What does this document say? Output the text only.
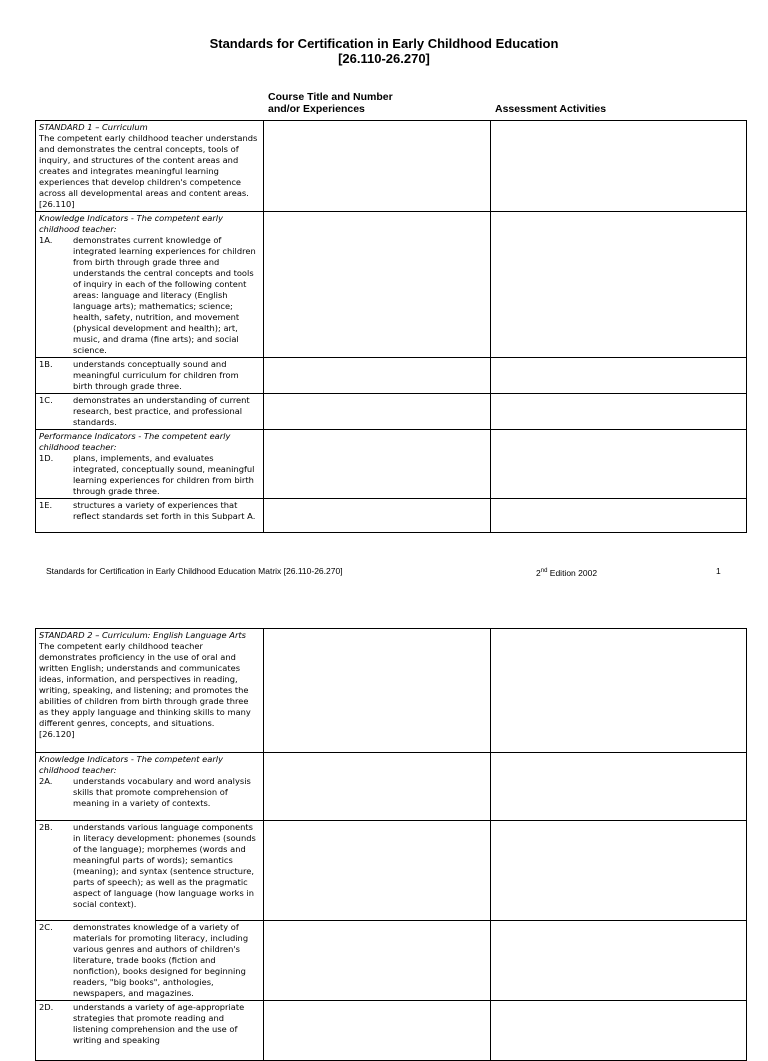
Standards for Certification in Early Childhood Education
[26.110-26.270]
Course Title and Number
and/or Experiences	Assessment Activities
STANDARD 1 – Curriculum
The competent early childhood teacher understands and demonstrates the central concepts, tools of inquiry, and structures of the content areas and creates and integrates meaningful learning experiences that develop children's competence across all developmental areas and content areas. [26.110]		

Knowledge Indicators - The competent early childhood teacher:
1A. demonstrates current knowledge of integrated learning experiences for children from birth through grade three and understands the central concepts and tools of inquiry in each of the following content areas: language and literacy (English language arts); mathematics; science; health, safety, nutrition, and movement (physical development and health); art, music, and drama (fine arts); and social science.		

1B. understands conceptually sound and meaningful curriculum for children from birth through grade three.		

1C. demonstrates an understanding of current research, best practice, and professional standards.		

Performance Indicators - The competent early childhood teacher:
1D. plans, implements, and evaluates integrated, conceptually sound, meaningful learning experiences for children from birth through grade three.		

1E. structures a variety of experiences that reflect standards set forth in this Subpart A.		

Standards for Certification in Early Childhood Education Matrix [26.110-26.270]	2nd Edition 2002	1
STANDARD 2 – Curriculum: English Language Arts
The competent early childhood teacher demonstrates proficiency in the use of oral and written English; understands and communicates ideas, information, and perspectives in reading, writing, speaking, and listening; and promotes the abilities of children from birth through grade three as they apply language and thinking skills to many different genres, concepts, and situations.
[26.120]		

Knowledge Indicators - The competent early childhood teacher:
2A. understands vocabulary and word analysis skills that promote comprehension of meaning in a variety of contexts.		

2B. understands various language components in literacy development: phonemes (sounds of the language); morphemes (words and meaningful parts of words); semantics (meaning); and syntax (sentence structure, parts of speech); as well as the pragmatic aspect of language (how language works in social context).		

2C. demonstrates knowledge of a variety of materials for promoting literacy, including various genres and authors of children's literature, trade books (fiction and nonfiction), books designed for beginning readers, "big books", anthologies, newspapers, and magazines.		

2D. understands a variety of age-appropriate strategies that promote reading and listening comprehension and the use of writing and speaking		
